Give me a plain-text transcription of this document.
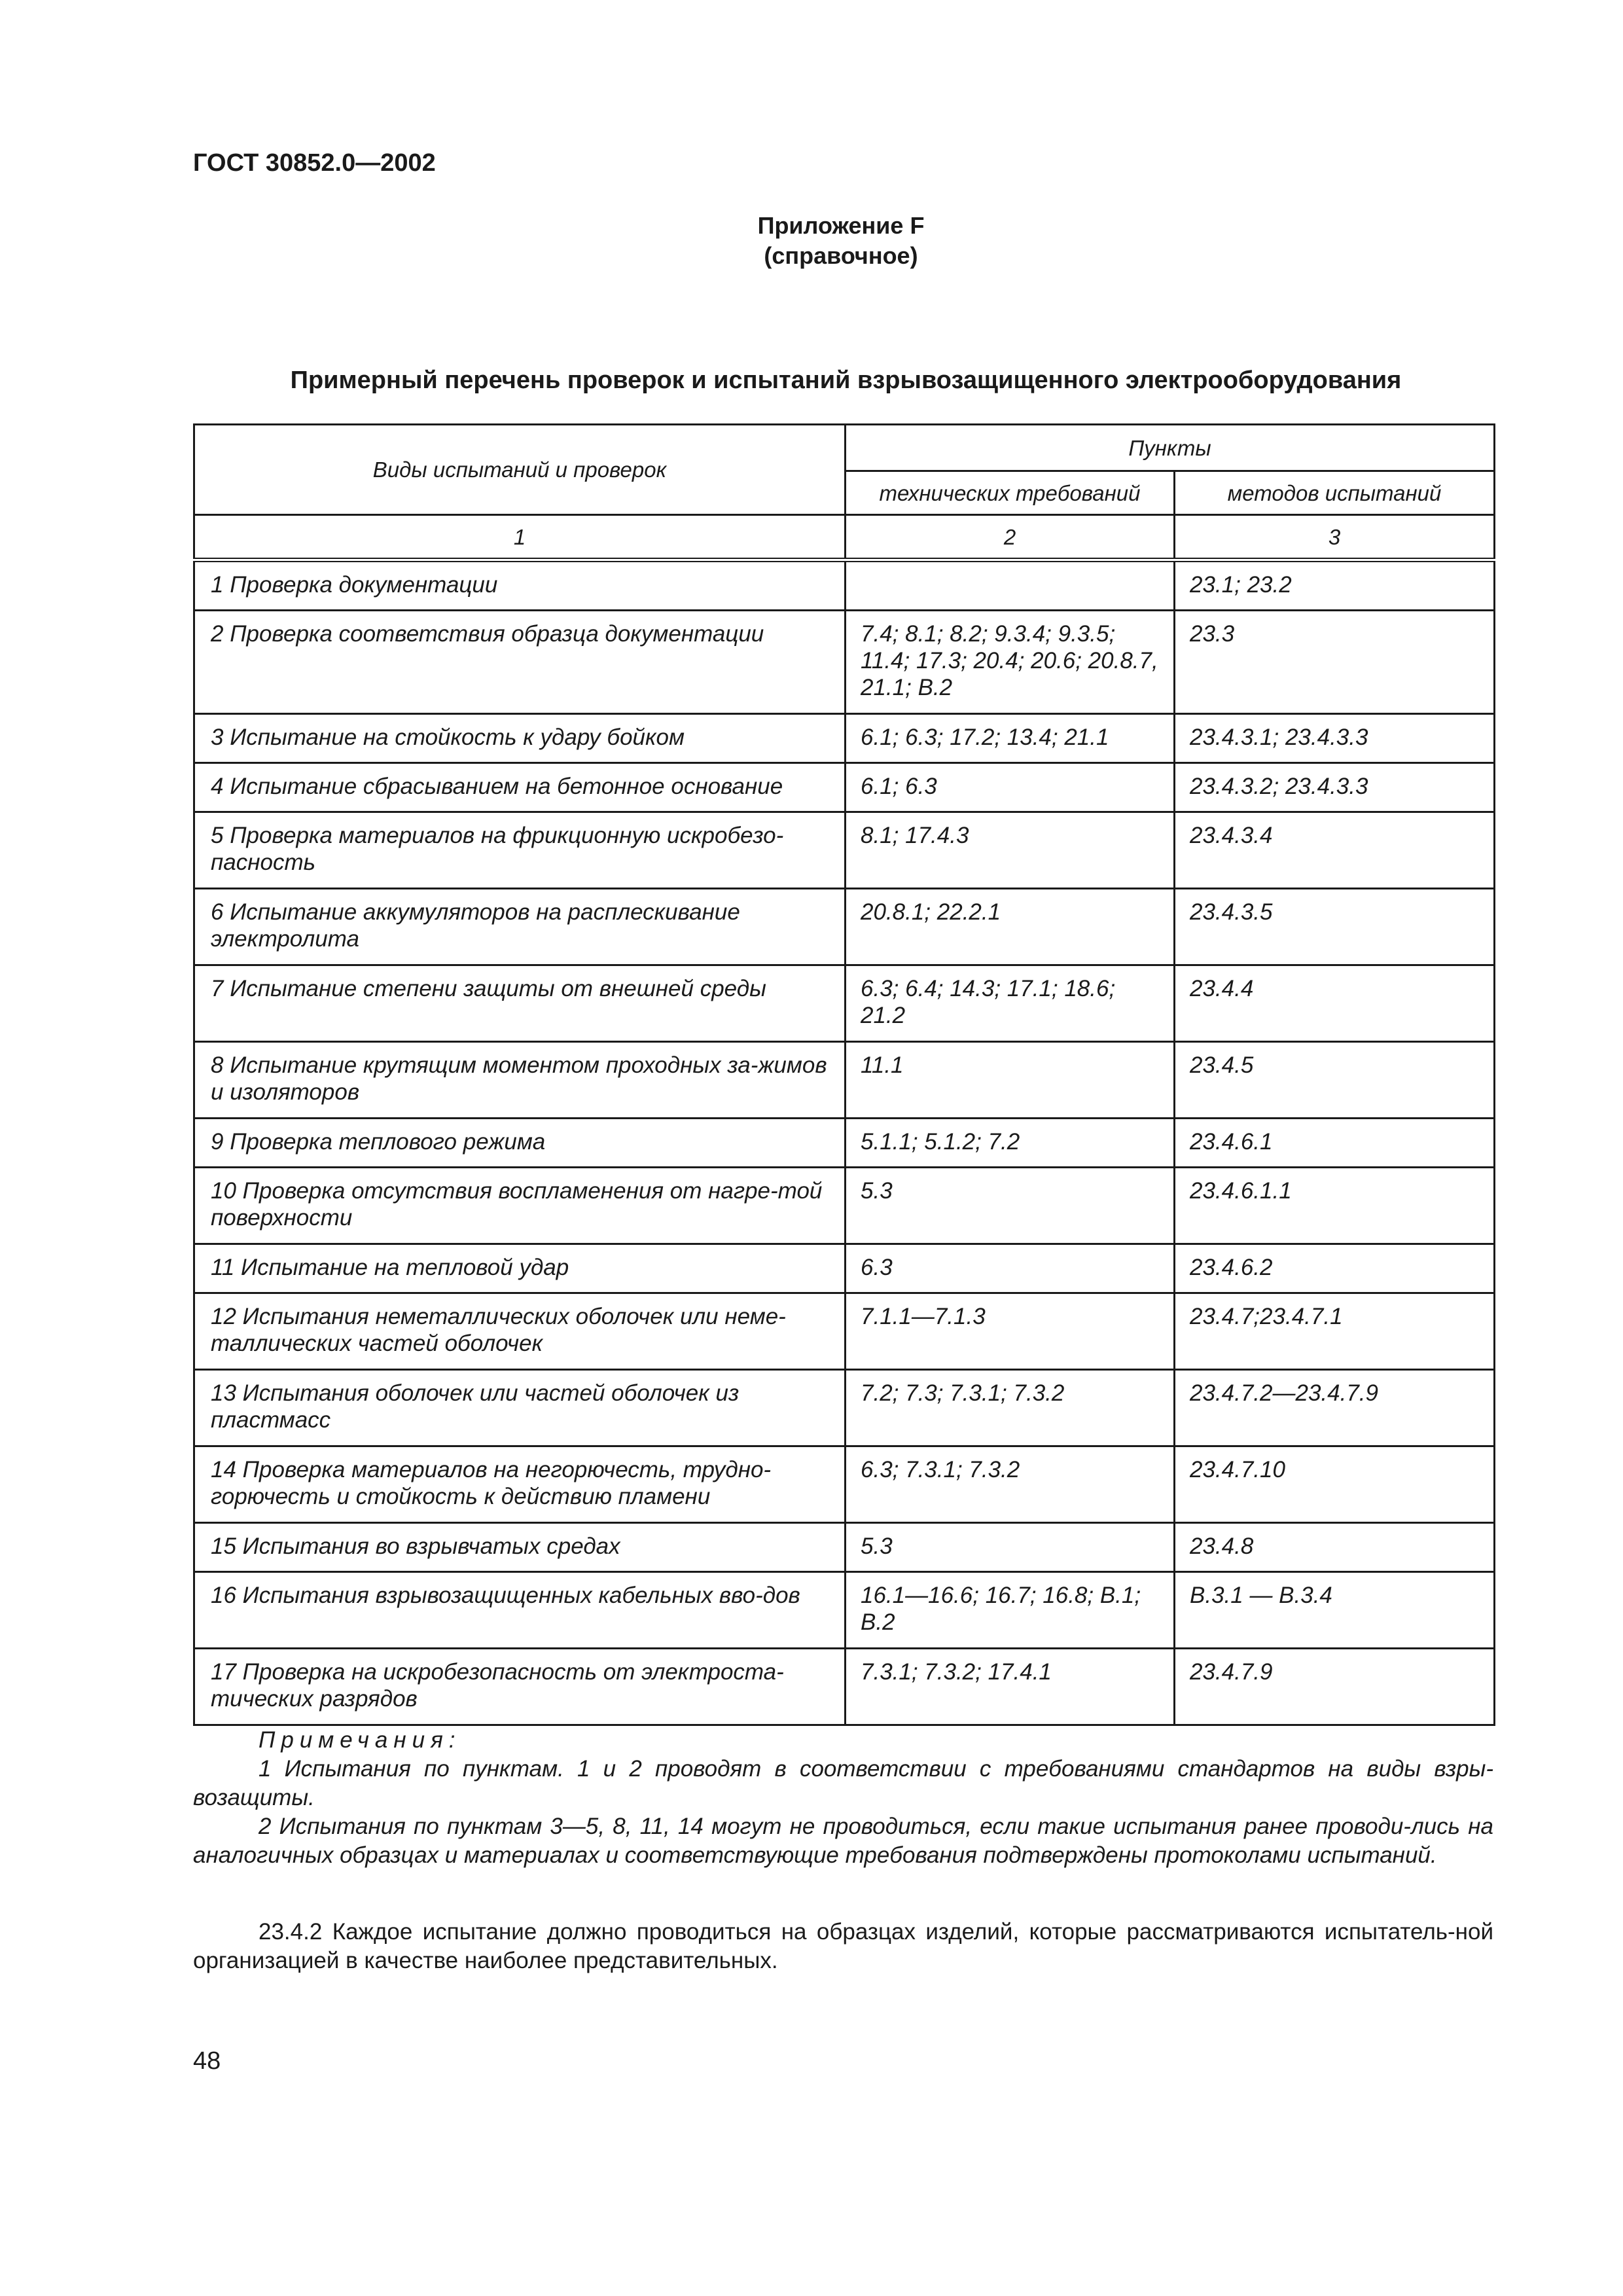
ГОСТ 30852.0—2002
Приложение F
(справочное)
Примерный перечень проверок и испытаний взрывозащищенного электрооборудования
Виды испытаний и проверок	Пункты	
	технических требований	методов испытаний
1	2	3
1 Проверка документации		23.1; 23.2
2 Проверка соответствия образца документации	7.4; 8.1; 8.2; 9.3.4; 9.3.5; 11.4; 17.3; 20.4; 20.6; 20.8.7, 21.1; В.2	23.3
3 Испытание на стойкость к удару бойком	6.1; 6.3; 17.2; 13.4; 21.1	23.4.3.1; 23.4.3.3
4 Испытание сбрасыванием на бетонное основание	6.1; 6.3	23.4.3.2; 23.4.3.3
5 Проверка материалов на фрикционную искробезо-пасность	8.1; 17.4.3	23.4.3.4
6 Испытание аккумуляторов на расплескивание электролита	20.8.1; 22.2.1	23.4.3.5
7 Испытание степени защиты от внешней среды	6.3; 6.4; 14.3; 17.1; 18.6; 21.2	23.4.4
8 Испытание крутящим моментом проходных за-жимов и изоляторов	11.1	23.4.5
9 Проверка теплового режима	5.1.1; 5.1.2; 7.2	23.4.6.1
10 Проверка отсутствия воспламенения от нагре-той поверхности	5.3	23.4.6.1.1
11 Испытание на тепловой удар	6.3	23.4.6.2
12 Испытания неметаллических оболочек или неме-таллических частей оболочек	7.1.1—7.1.3	23.4.7;23.4.7.1
13 Испытания оболочек или частей оболочек из пластмасс	7.2; 7.3; 7.3.1; 7.3.2	23.4.7.2—23.4.7.9
14 Проверка материалов на негорючесть, трудно-горючесть и стойкость к действию пламени	6.3; 7.3.1; 7.3.2	23.4.7.10
15 Испытания во взрывчатых средах	5.3	23.4.8
16 Испытания взрывозащищенных кабельных вво-дов	16.1—16.6; 16.7; 16.8; В.1; В.2	В.3.1 — В.3.4
17 Проверка на искробезопасность от электроста-тических разрядов	7.3.1; 7.3.2; 17.4.1	23.4.7.9

Примечания:

1 Испытания по пунктам. 1 и 2 проводят в соответствии с требованиями стандартов на виды взры-возащиты.

2 Испытания по пунктам 3—5, 8, 11, 14 могут не проводиться, если такие испытания ранее проводи-лись на аналогичных образцах и материалах и соответствующие требования подтверждены протоколами испытаний.

23.4.2 Каждое испытание должно проводиться на образцах изделий, которые рассматриваются испытатель-ной организацией в качестве наиболее представительных.

48
